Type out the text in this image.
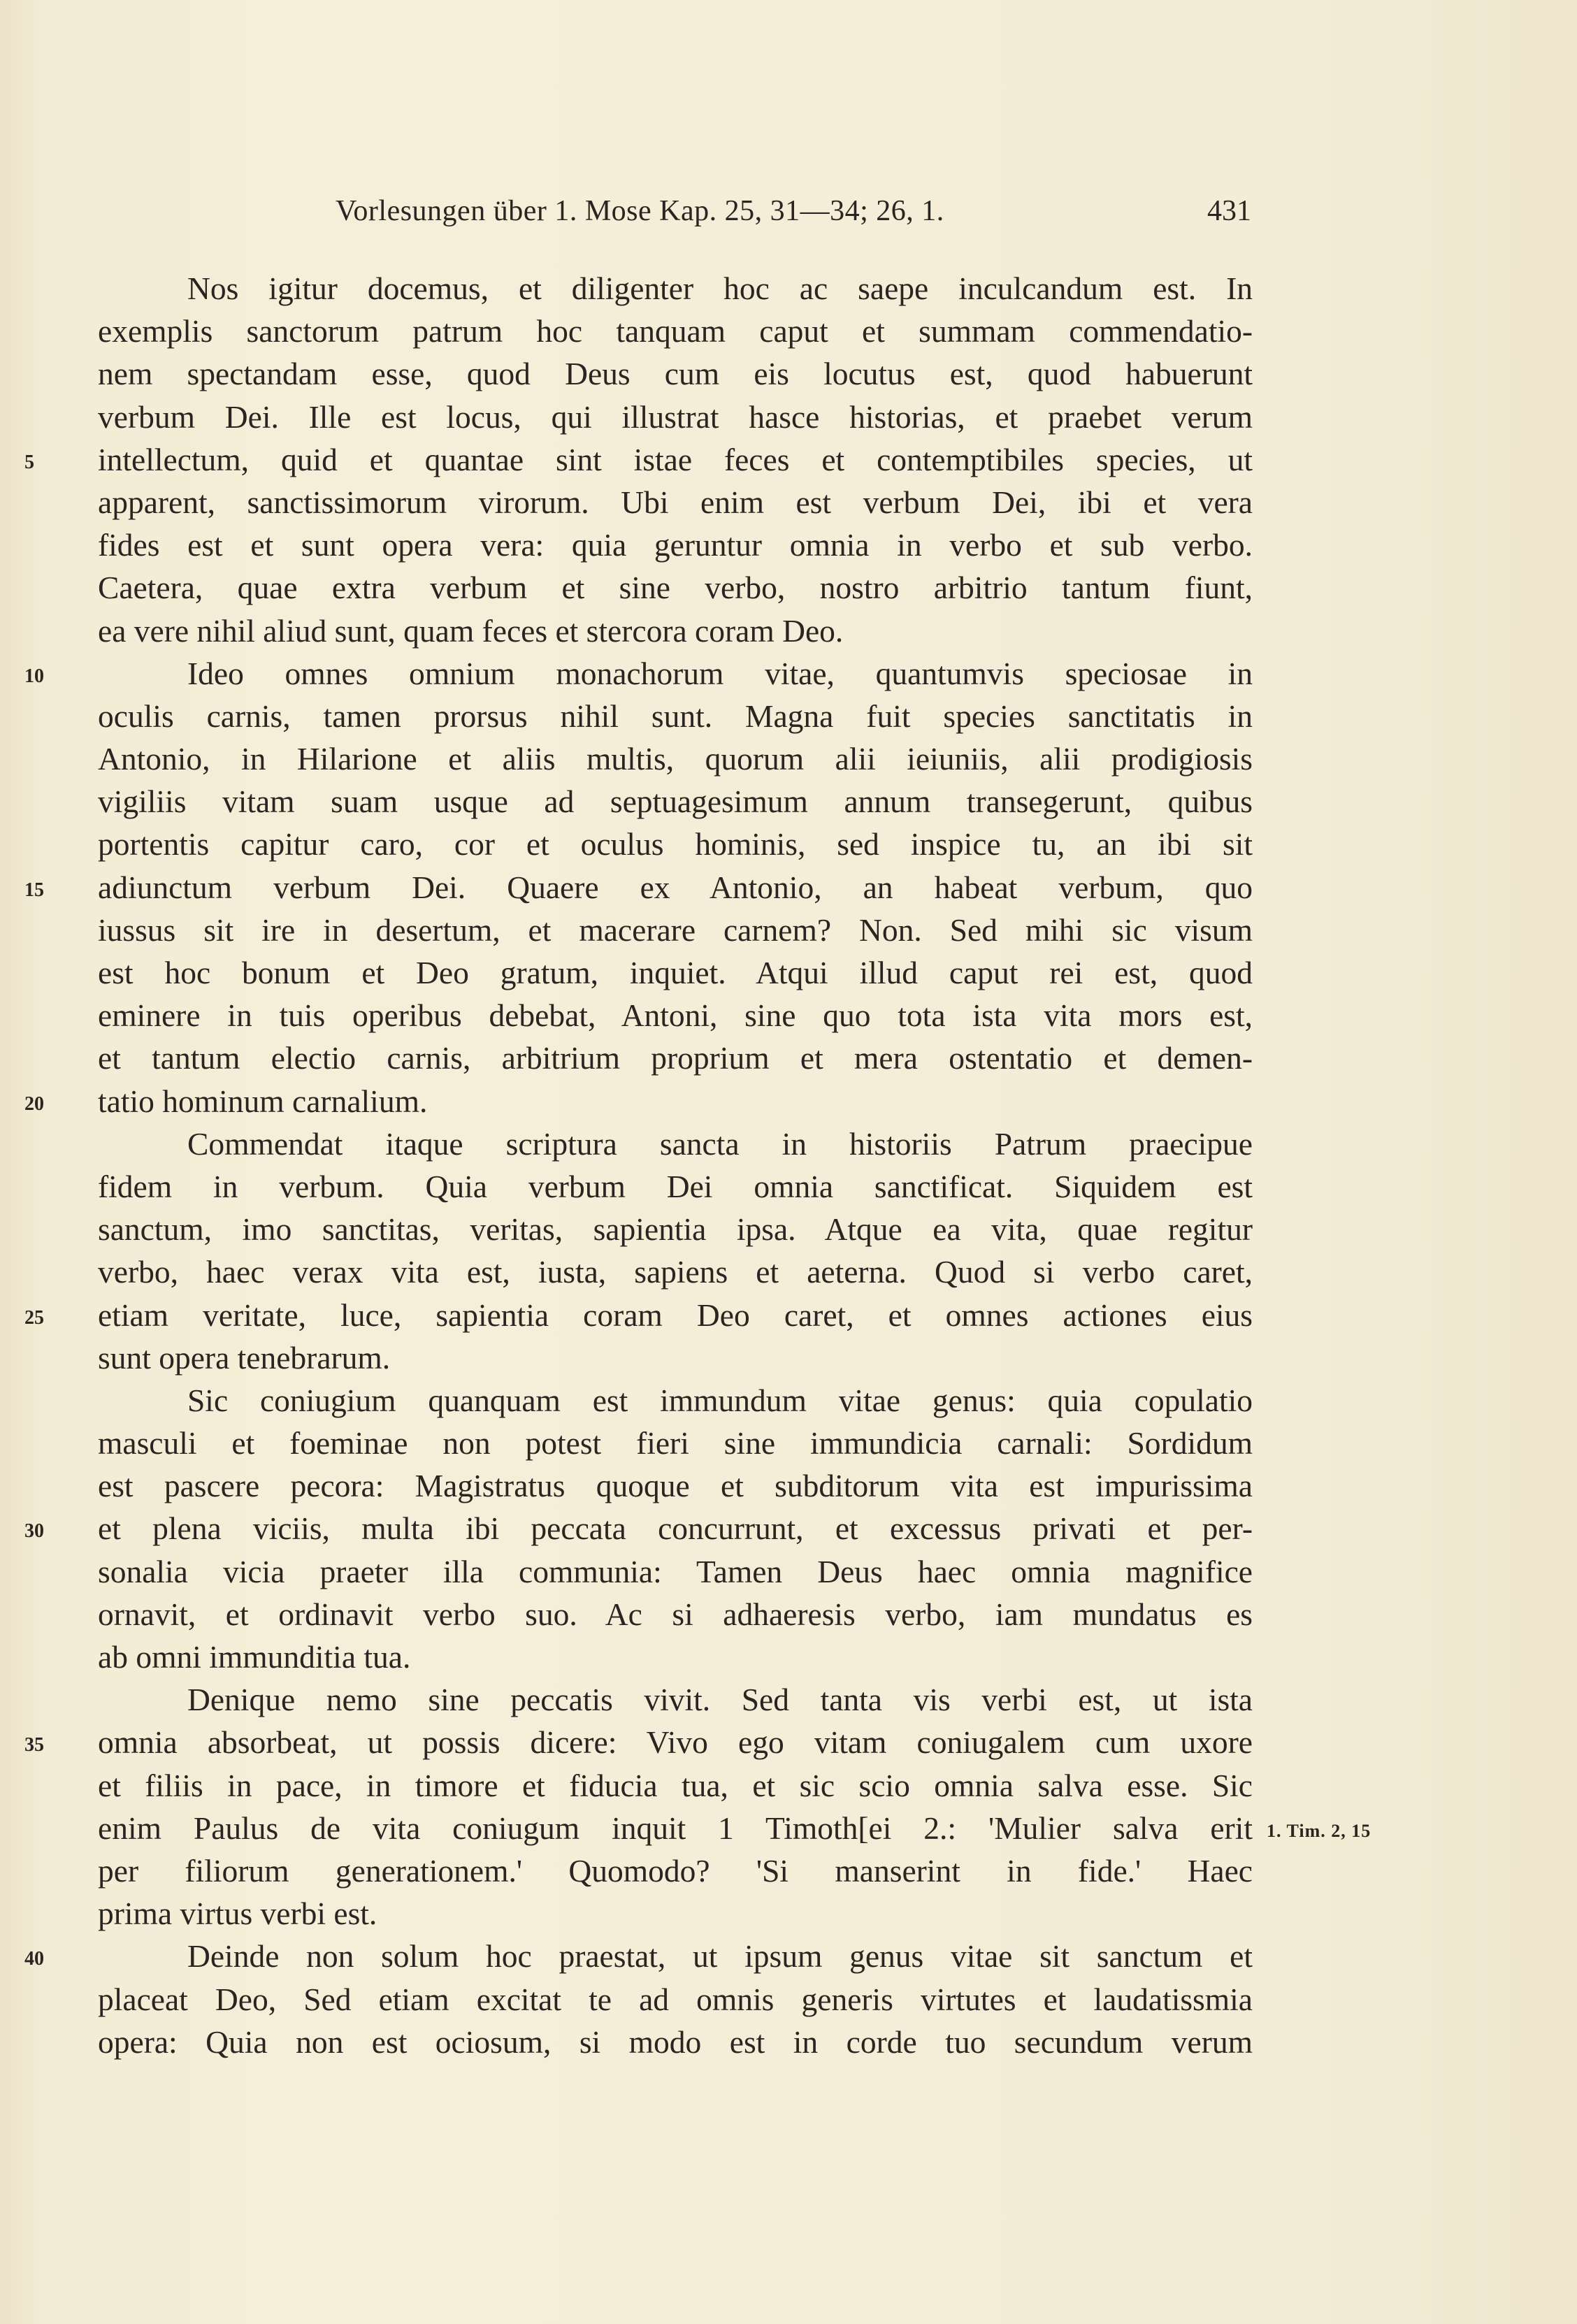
Vorlesungen über 1. Mose Kap. 25, 31—34; 26, 1.	431
Nos igitur docemus, et diligenter hoc ac saepe inculcandum est. In
exemplis sanctorum patrum hoc tanquam caput et summam commendatio-
nem spectandam esse, quod Deus cum eis locutus est, quod habuerunt
verbum Dei. Ille est locus, qui illustrat hasce historias, et praebet verum
5	intellectum, quid et quantae sint istae feces et contemptibiles species, ut
apparent, sanctissimorum virorum. Ubi enim est verbum Dei, ibi et vera
fides est et sunt opera vera: quia geruntur omnia in verbo et sub verbo.
Caetera, quae extra verbum et sine verbo, nostro arbitrio tantum fiunt,
ea vere nihil aliud sunt, quam feces et stercora coram Deo.
10	Ideo omnes omnium monachorum vitae, quantumvis speciosae in
oculis carnis, tamen prorsus nihil sunt. Magna fuit species sanctitatis in
Antonio, in Hilarione et aliis multis, quorum alii ieiuniis, alii prodigiosis
vigiliis vitam suam usque ad septuagesimum annum transegerunt, quibus
portentis capitur caro, cor et oculus hominis, sed inspice tu, an ibi sit
15	adiunctum verbum Dei. Quaere ex Antonio, an habeat verbum, quo
iussus sit ire in desertum, et macerare carnem? Non. Sed mihi sic visum
est hoc bonum et Deo gratum, inquiet. Atqui illud caput rei est, quod
eminere in tuis operibus debebat, Antoni, sine quo tota ista vita mors est,
et tantum electio carnis, arbitrium proprium et mera ostentatio et demen-
20	tatio hominum carnalium.
Commendat itaque scriptura sancta in historiis Patrum praecipue
fidem in verbum. Quia verbum Dei omnia sanctificat. Siquidem est
sanctum, imo sanctitas, veritas, sapientia ipsa. Atque ea vita, quae regitur
verbo, haec verax vita est, iusta, sapiens et aeterna. Quod si verbo caret,
25	etiam veritate, luce, sapientia coram Deo caret, et omnes actiones eius
sunt opera tenebrarum.
Sic coniugium quanquam est immundum vitae genus: quia copulatio
masculi et foeminae non potest fieri sine immundicia carnali: Sordidum
est pascere pecora: Magistratus quoque et subditorum vita est impurissima
30	et plena viciis, multa ibi peccata concurrunt, et excessus privati et per-
sonalia vicia praeter illa communia: Tamen Deus haec omnia magnifice
ornavit, et ordinavit verbo suo. Ac si adhaeresis verbo, iam mundatus es
ab omni immunditia tua.
Denique nemo sine peccatis vivit. Sed tanta vis verbi est, ut ista
35	omnia absorbeat, ut possis dicere: Vivo ego vitam coniugalem cum uxore
et filiis in pace, in timore et fiducia tua, et sic scio omnia salva esse. Sic
enim Paulus de vita coniugum inquit 1 Timoth[ei 2.: 'Mulier salva erit 1. Tim. 2, 15
per filiorum generationem.' Quomodo? 'Si manserint in fide.' Haec
prima virtus verbi est.
40	Deinde non solum hoc praestat, ut ipsum genus vitae sit sanctum et
placeat Deo, Sed etiam excitat te ad omnis generis virtutes et laudatissmia
opera: Quia non est ociosum, si modo est in corde tuo secundum verum
